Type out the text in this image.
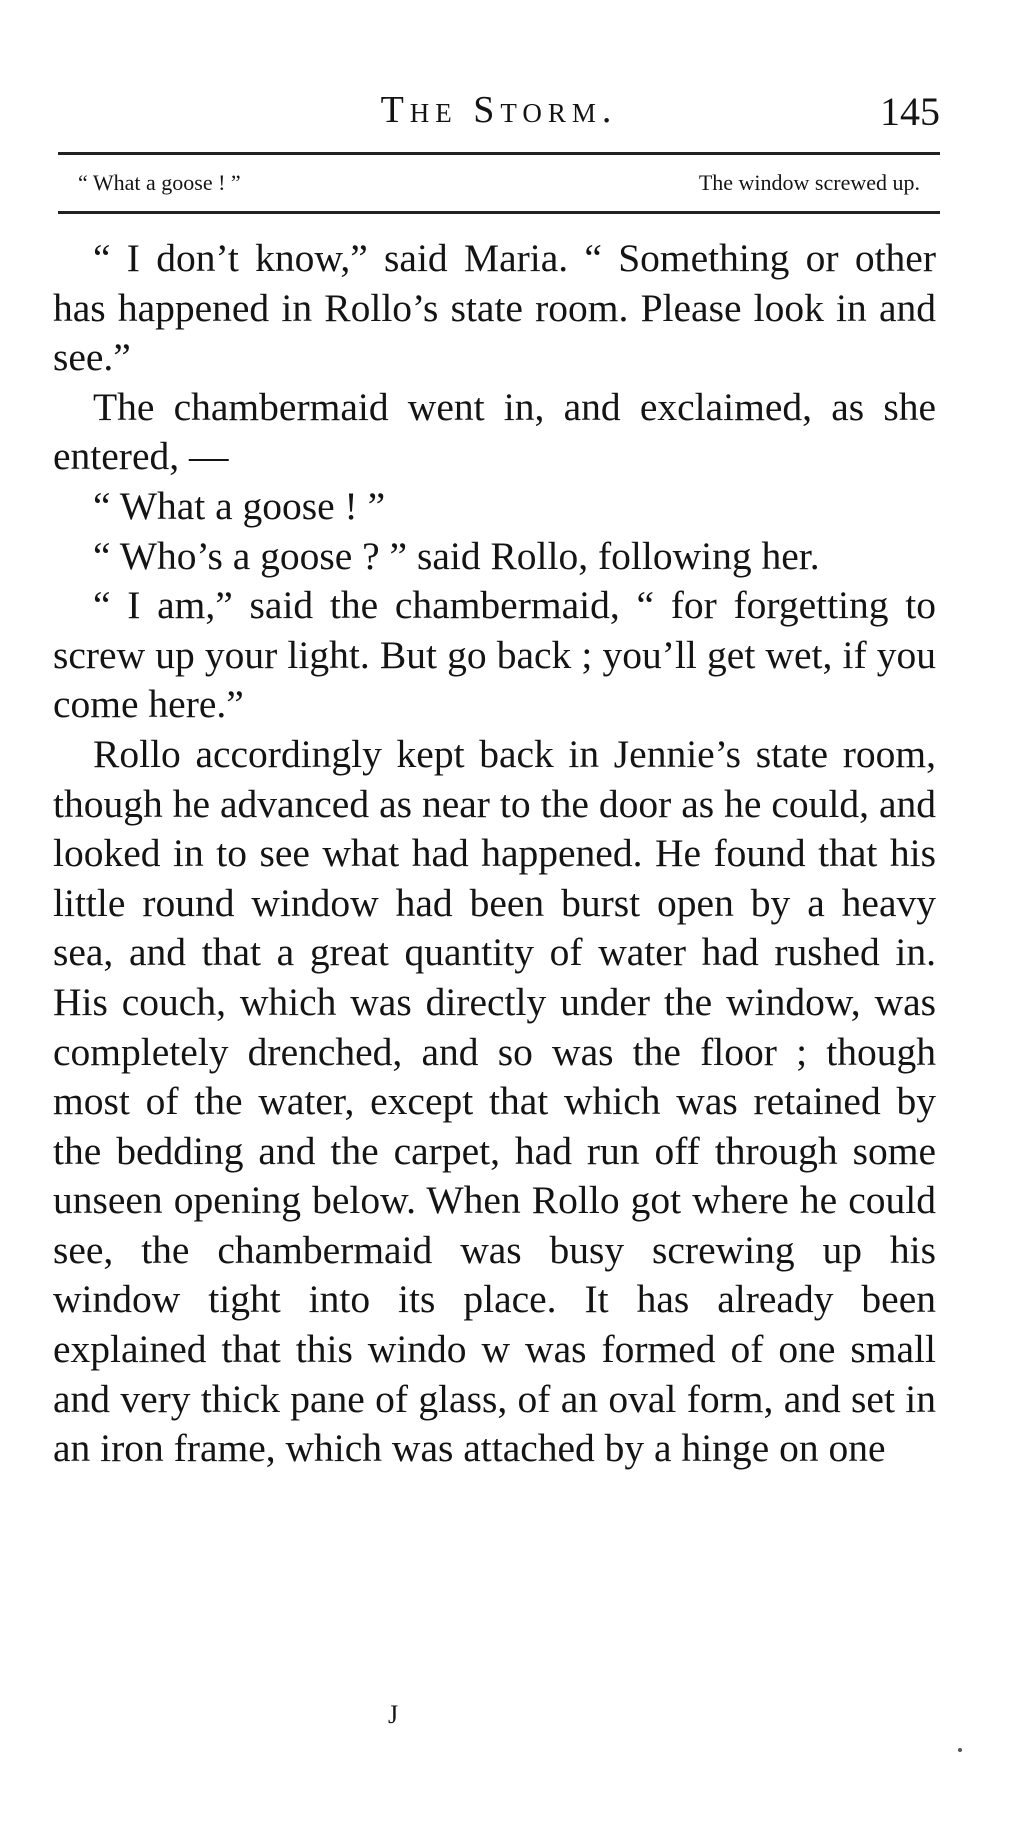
The Storm.	145
“ What a goose ! ”	The window screwed up.

“ I don’t know,” said Maria. “ Something or other has happened in Rollo’s state room. Please look in and see.”

The chambermaid went in, and exclaimed, as she entered, —

“ What a goose ! ”

“ Who’s a goose ? ” said Rollo, following her.

“ I am,” said the chambermaid, “ for forgetting to screw up your light. But go back ; you’ll get wet, if you come here.”

Rollo accordingly kept back in Jennie’s state room, though he advanced as near to the door as he could, and looked in to see what had happened. He found that his little round window had been burst open by a heavy sea, and that a great quantity of water had rushed in. His couch, which was directly under the window, was completely drenched, and so was the floor ; though most of the water, except that which was retained by the bedding and the carpet, had run off through some unseen opening below. When Rollo got where he could see, the chambermaid was busy screwing up his window tight into its place. It has already been explained that this windo w was formed of one small and very thick pane of glass, of an oval form, and set in an iron frame, which was attached by a hinge on one

J
